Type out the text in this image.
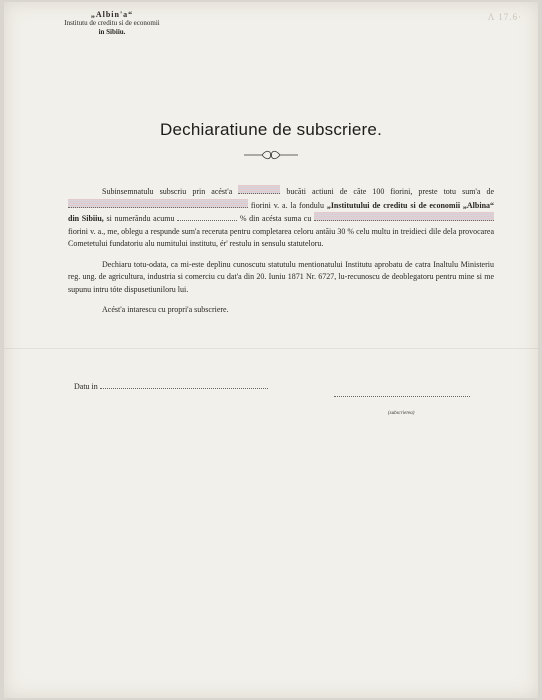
Λ 17.6·
„Albin'a“
Institutu de creditu si de economii
in Sibiiu.
Dechiaratiune de subscriere.

Subinsemnatulu subscriu prin acést'a	bucăti actiuni de căte 100 fiorini, preste totu sum'a de  fiorini v. a. la fondulu „Institutului de creditu si de economii „Albina“ din Sibiiu, si numerăndu acumu	% din acésta suma cu  fiorini v. a., me, oblegu a respunde sum'a receruta pentru completarea celoru antăiu 30 % celu multu in treidieci dile dela provocarea Cometetului fundatoriu alu numitului institutu, ér' restulu in sensulu statuteloru.

Dechiaru totu-odata, ca mi-este deplinu cunoscutu statutulu mentionatului Institutu aprobatu de catra Inaltulu Ministeriu reg. ung. de agricultura, industria si comerciu cu dat'a din 20. Iuniu 1871 Nr. 6727, lu-recunoscu de deoblegatoru pentru mine si me supunu intru tóte dispusetiuniloru lui.

Acést'a intarescu cu propri'a subscriere.

Datu in
(subscrierea)
